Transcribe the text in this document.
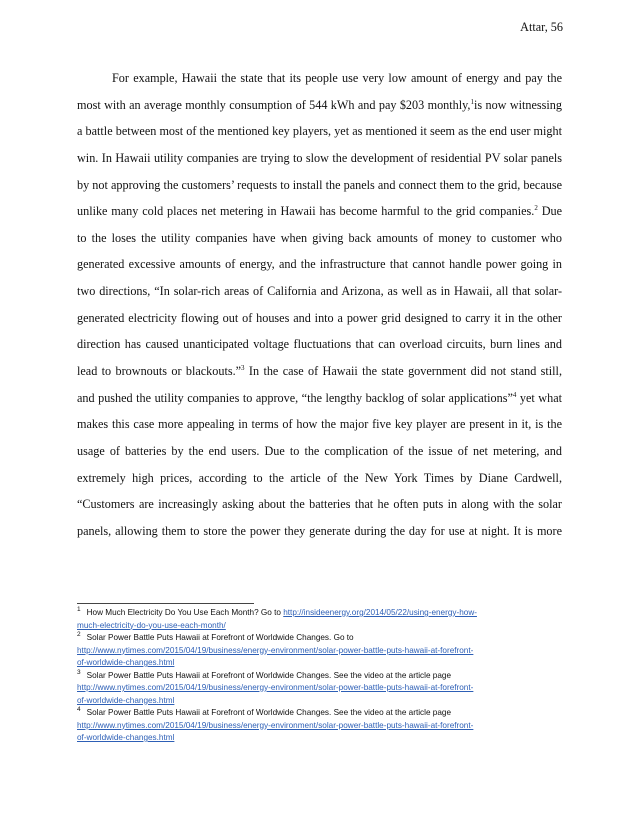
Attar, 56
For example, Hawaii the state that its people use very low amount of energy and pay the
most with an average monthly consumption of 544 kWh and pay $203 monthly,$^1$is now witnessing
a battle between most of the mentioned key players, yet as mentioned it seem as the end user might
win. In Hawaii utility companies are trying to slow the development of residential PV solar panels
by not approving the customers’ requests to install the panels and connect them to the grid, because
unlike many cold places net metering in Hawaii has become harmful to the grid companies.$^2$ Due
to the loses the utility companies have when giving back amounts of money to customer who
generated excessive amounts of energy, and the infrastructure that cannot handle power going in
two directions, “In solar-rich areas of California and Arizona, as well as in Hawaii, all that solar-
generated electricity flowing out of houses and into a power grid designed to carry it in the other
direction has caused unanticipated voltage fluctuations that can overload circuits, burn lines and
lead to brownouts or blackouts.”$^3$ In the case of Hawaii the state government did not stand still,
and pushed the utility companies to approve, “the lengthy backlog of solar applications”$^4$ yet what
makes this case more appealing in terms of how the major five key player are present in it, is the
usage of batteries by the end users. Due to the complication of the issue of net metering, and
extremely high prices, according to the article of the New York Times by Diane Cardwell,
“Customers are increasingly asking about the batteries that he often puts in along with the solar
panels, allowing them to store the power they generate during the day for use at night. It is more
$^1$ How Much Electricity Do You Use Each Month? Go to http://insideenergy.org/2014/05/22/using-energy-how-
much-electricity-do-you-use-each-month/
$^2$ Solar Power Battle Puts Hawaii at Forefront of Worldwide Changes. Go to
http://www.nytimes.com/2015/04/19/business/energy-environment/solar-power-battle-puts-hawaii-at-forefront-
of-worldwide-changes.html
$^3$ Solar Power Battle Puts Hawaii at Forefront of Worldwide Changes. See the video at the article page
http://www.nytimes.com/2015/04/19/business/energy-environment/solar-power-battle-puts-hawaii-at-forefront-
of-worldwide-changes.html
$^4$ Solar Power Battle Puts Hawaii at Forefront of Worldwide Changes. See the video at the article page
http://www.nytimes.com/2015/04/19/business/energy-environment/solar-power-battle-puts-hawaii-at-forefront-
of-worldwide-changes.html
